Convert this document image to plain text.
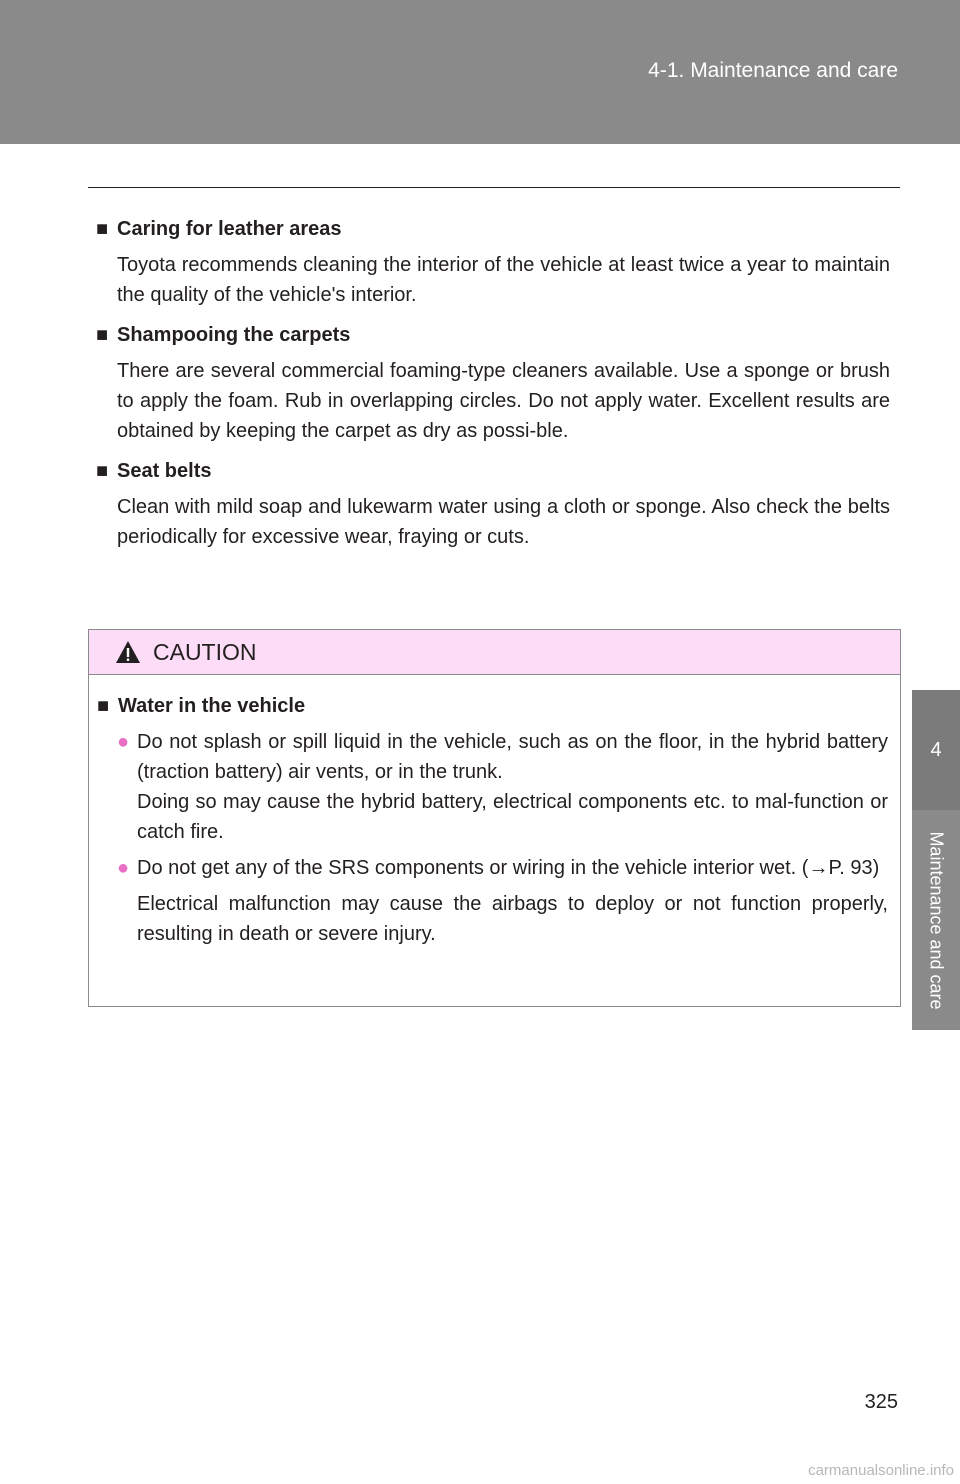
4-1. Maintenance and care
4
Maintenance and care
■ Caring for leather areas
Toyota recommends cleaning the interior of the vehicle at least twice a year to maintain the quality of the vehicle's interior.
■ Shampooing the carpets
There are several commercial foaming-type cleaners available. Use a sponge or brush to apply the foam. Rub in overlapping circles. Do not apply water. Excellent results are obtained by keeping the carpet as dry as possi-ble.
■ Seat belts
Clean with mild soap and lukewarm water using a cloth or sponge. Also check the belts periodically for excessive wear, fraying or cuts.
CAUTION
■ Water in the vehicle
● Do not splash or spill liquid in the vehicle, such as on the floor, in the hybrid battery (traction battery) air vents, or in the trunk.
Doing so may cause the hybrid battery, electrical components etc. to mal-function or catch fire.
● Do not get any of the SRS components or wiring in the vehicle interior wet. (→P. 93)
Electrical malfunction may cause the airbags to deploy or not function properly, resulting in death or severe injury.
325
carmanualsonline.info
